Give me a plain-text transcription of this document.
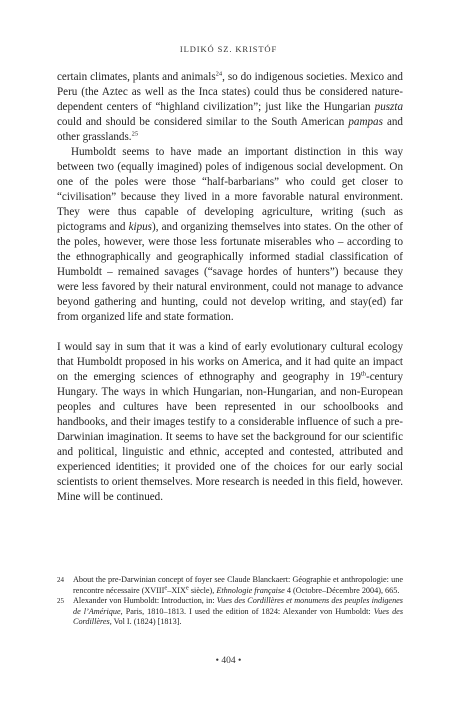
ILDIKÓ SZ. KRISTÓF

certain climates, plants and animals$^{24}$, so do indigenous societies. Mexico and Peru (the Aztec as well as the Inca states) could thus be considered nature-dependent centers of “highland civilization”; just like the Hungarian puszta could and should be considered similar to the South American pampas and other grasslands.$^{25}$

Humboldt seems to have made an important distinction in this way between two (equally imagined) poles of indigenous social development. On one of the poles were those “half-barbarians” who could get closer to “civilisation” because they lived in a more favorable natural environment. They were thus capable of developing agriculture, writing (such as pictograms and kipus), and organizing themselves into states. On the other of the poles, however, were those less fortunate miserables who – according to the ethnographically and geographically informed stadial classification of Humboldt – remained savages (“savage hordes of hunters”) because they were less favored by their natural environment, could not manage to advance beyond gathering and hunting, could not develop writing, and stay(ed) far from organized life and state formation.

I would say in sum that it was a kind of early evolutionary cultural ecology that Humboldt proposed in his works on America, and it had quite an impact on the emerging sciences of ethnography and geography in 19th-century Hungary. The ways in which Hungarian, non-Hungarian, and non-European peoples and cultures have been represented in our schoolbooks and handbooks, and their images testify to a considerable influence of such a pre-Darwinian imagination. It seems to have set the background for our scientific and political, linguistic and ethnic, accepted and contested, attributed and experienced identities; it provided one of the choices for our early social scientists to orient themselves. More research is needed in this field, however. Mine will be continued.

24 About the pre-Darwinian concept of foyer see Claude Blanckaert: Géographie et anthropologie: une rencontre nécessaire (XVIIIe–XIXe siècle), Ethnologie française 4 (Octobre–Décembre 2004), 665.
25 Alexander von Humboldt: Introduction, in: Vues des Cordillères et monumens des peuples indigenes de l’Amérique, Paris, 1810–1813. I used the edition of 1824: Alexander von Humboldt: Vues des Cordillères, Vol I. (1824) [1813].
• 404 •
